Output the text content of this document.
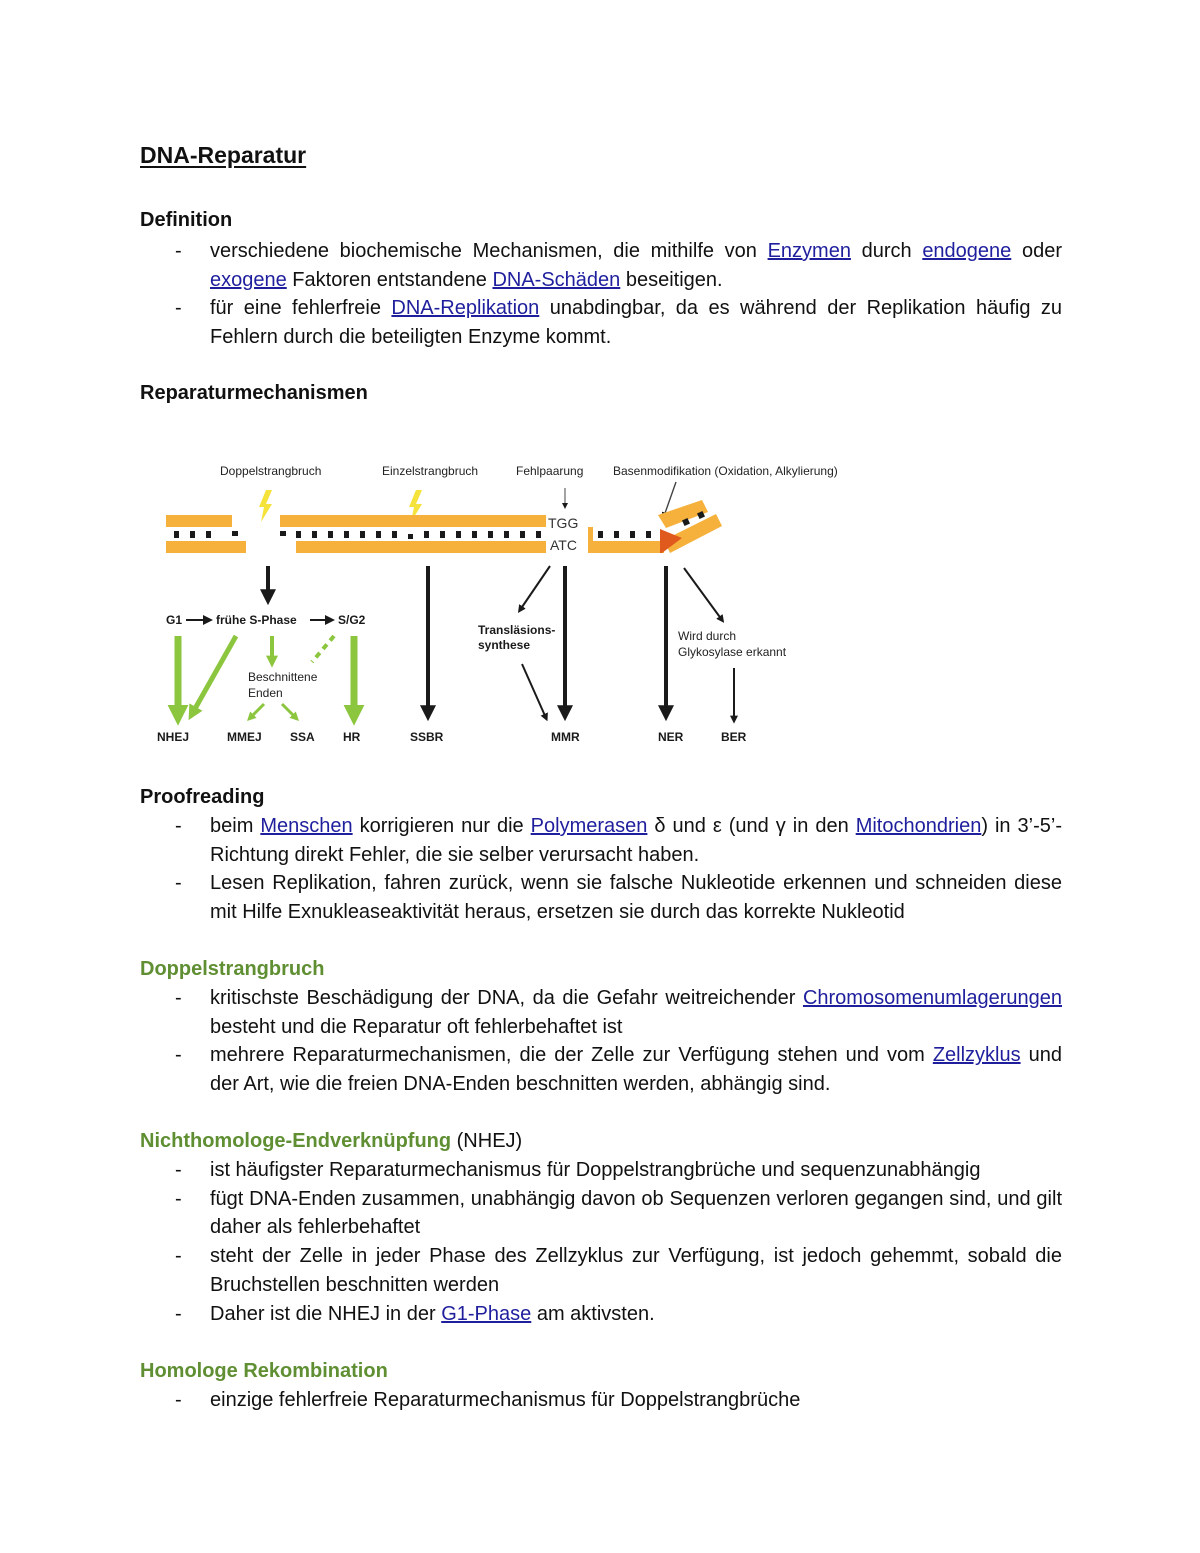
DNA-Reparatur
Definition
- verschiedene biochemische Mechanismen, die mithilfe von Enzymen durch endogene oder exogene Faktoren entstandene DNA-Schäden beseitigen.
- für eine fehlerfreie DNA-Replikation unabdingbar, da es während der Replikation häufig zu Fehlern durch die beteiligten Enzyme kommt.
Reparaturmechanismen
Doppelstrangbruch	Einzelstrangbruch	Fehlpaarung Basenmodifikation (Oxidation, Alkylierung)
TGG
ATC
G1	frühe S-Phase	S/G2
Beschnittene
Enden
Transläsions-
synthese
Wird durch
Glykosylase erkannt
NHEJ	MMEJ SSA HR	SSBR	MMR	NER	BER
Proofreading
- beim Menschen korrigieren nur die Polymerasen δ und ε (und γ in den Mitochondrien) in 3’-5’-Richtung direkt Fehler, die sie selber verursacht haben.
- Lesen Replikation, fahren zurück, wenn sie falsche Nukleotide erkennen und schneiden diese mit Hilfe Exnukleaseaktivität heraus, ersetzen sie durch das korrekte Nukleotid
Doppelstrangbruch
- kritischste Beschädigung der DNA, da die Gefahr weitreichender Chromosomenumlagerungen besteht und die Reparatur oft fehlerbehaftet ist
- mehrere Reparaturmechanismen, die der Zelle zur Verfügung stehen und vom Zellzyklus und der Art, wie die freien DNA-Enden beschnitten werden, abhängig sind.
Nichthomologe-Endverknüpfung (NHEJ)
- ist häufigster Reparaturmechanismus für Doppelstrangbrüche und sequenzunabhängig
- fügt DNA-Enden zusammen, unabhängig davon ob Sequenzen verloren gegangen sind, und gilt daher als fehlerbehaftet
- steht der Zelle in jeder Phase des Zellzyklus zur Verfügung, ist jedoch gehemmt, sobald die Bruchstellen beschnitten werden
- Daher ist die NHEJ in der G1-Phase am aktivsten.
Homologe Rekombination
- einzige fehlerfreie Reparaturmechanismus für Doppelstrangbrüche
